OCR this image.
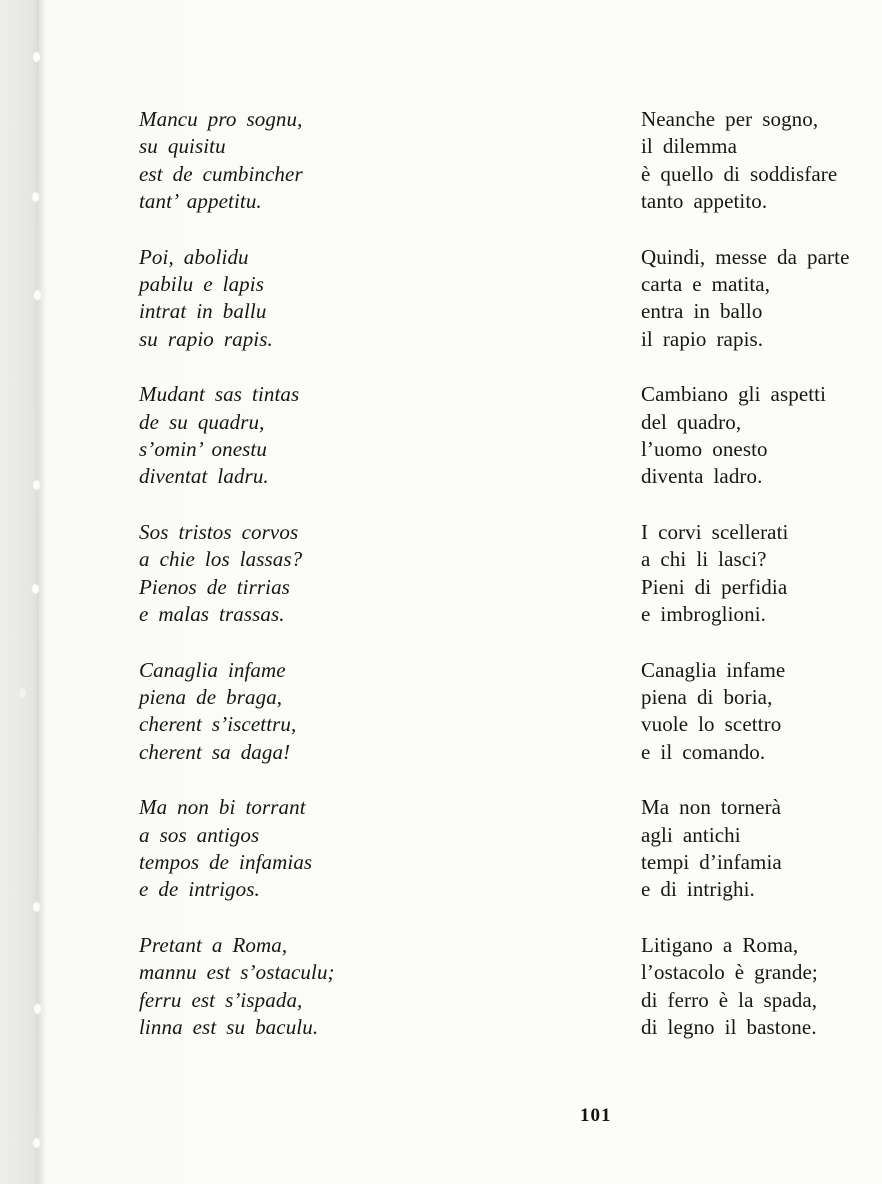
Mancu pro sognu,
su quisitu
est de cumbincher
tant’ appetitu.
Poi, abolidu
pabilu e lapis
intrat in ballu
su rapio rapis.
Mudant sas tintas
de su quadru,
s’omin’ onestu
diventat ladru.
Sos tristos corvos
a chie los lassas?
Pienos de tirrias
e malas trassas.
Canaglia infame
piena de braga,
cherent s’iscettru,
cherent sa daga!
Ma non bi torrant
a sos antigos
tempos de infamias
e de intrigos.
Pretant a Roma,
mannu est s’ostaculu;
ferru est s’ispada,
linna est su baculu.
Neanche per sogno,
il dilemma
è quello di soddisfare
tanto appetito.
Quindi, messe da parte
carta e matita,
entra in ballo
il rapio rapis.
Cambiano gli aspetti
del quadro,
l’uomo onesto
diventa ladro.
I corvi scellerati
a chi li lasci?
Pieni di perfidia
e imbroglioni.
Canaglia infame
piena di boria,
vuole lo scettro
e il comando.
Ma non tornerà
agli antichi
tempi d’infamia
e di intrighi.
Litigano a Roma,
l’ostacolo è grande;
di ferro è la spada,
di legno il bastone.
101
